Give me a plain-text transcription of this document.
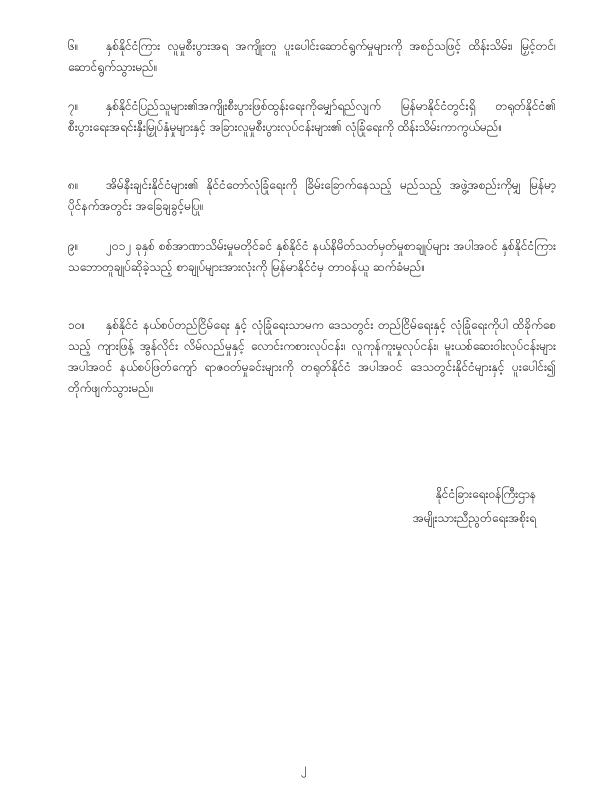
၆။ နှစ်နိုင်ငံကြား လူမှုစီးပွားအရ အကျိုးတူ ပူးပေါင်းဆောင်ရွက်မှုများကို အစဉ်သဖြင့် ထိန်းသိမ်း၊ မြှင့်တင်၊ ဆောင်ရွက်သွားမည်။

၇။ နှစ်နိုင်ငံပြည်သူများ၏အကျိုးစီးပွားဖြစ်ထွန်းရေးကိုမျှော်ရည်လျက် မြန်မာနိုင်ငံတွင်းရှိ တရုတ်နိုင်ငံ၏ စီးပွားရေးအရင်းနှီးမြှုပ်နှံမှုများနှင့် အခြားလူမှုစီးပွားလုပ်ငန်းများ၏ လုံခြုံရေးကို ထိန်းသိမ်းကာကွယ်မည်။

၈။ အိမ်နီးချင်းနိုင်ငံများ၏ နိုင်ငံတော်လုံခြုံရေးကို ခြိမ်းခြောက်နေသည့် မည်သည့် အဖွဲ့အစည်းကိုမျှ မြန်မာ့ပိုင်နက်အတွင်း အခြေချခွင့်မပြု။

၉။ ၂၀၁၂ ခုနှစ် စစ်အာဏာသိမ်းမှုမတိုင်ခင် နှစ်နိုင်ငံ နယ်နိမိတ်သတ်မှတ်မှုစာချုပ်များ အပါအဝင် နှစ်နိုင်ငံကြား သဘောတူချုပ်ဆိုခဲ့သည့် စာချုပ်များအားလုံးကို မြန်မာနိုင်ငံမှ တာဝန်ယူ ဆက်ခံမည်။

၁၀။ နှစ်နိုင်ငံ နယ်စပ်တည်ငြိမ်ရေး နှင့် လုံခြုံရေးသာမက ဒေသတွင်း တည်ငြိမ်ရေးနှင့် လုံခြုံရေးကိုပါ ထိခိုက်စေသည့် ကျားဖြန့် အွန်လိုင်း လိမ်လည်မှုနှင့် လောင်းကစားလုပ်ငန်း၊ လူကုန်ကူးမှုလုပ်ငန်း၊ မူးယစ်ဆေးဝါးလုပ်ငန်းများအပါအဝင် နယ်စပ်ဖြတ်ကျော် ရာဇဝတ်မှုခင်းများကို တရုတ်နိုင်ငံ အပါအဝင် ဒေသတွင်းနိုင်ငံများနှင့် ပူးပေါင်း၍ တိုက်ဖျက်သွားမည်။

နိုင်ငံခြားရေးဝန်ကြီးဌာန

အမျိုးသားညီညွတ်ရေးအစိုးရ

၂
